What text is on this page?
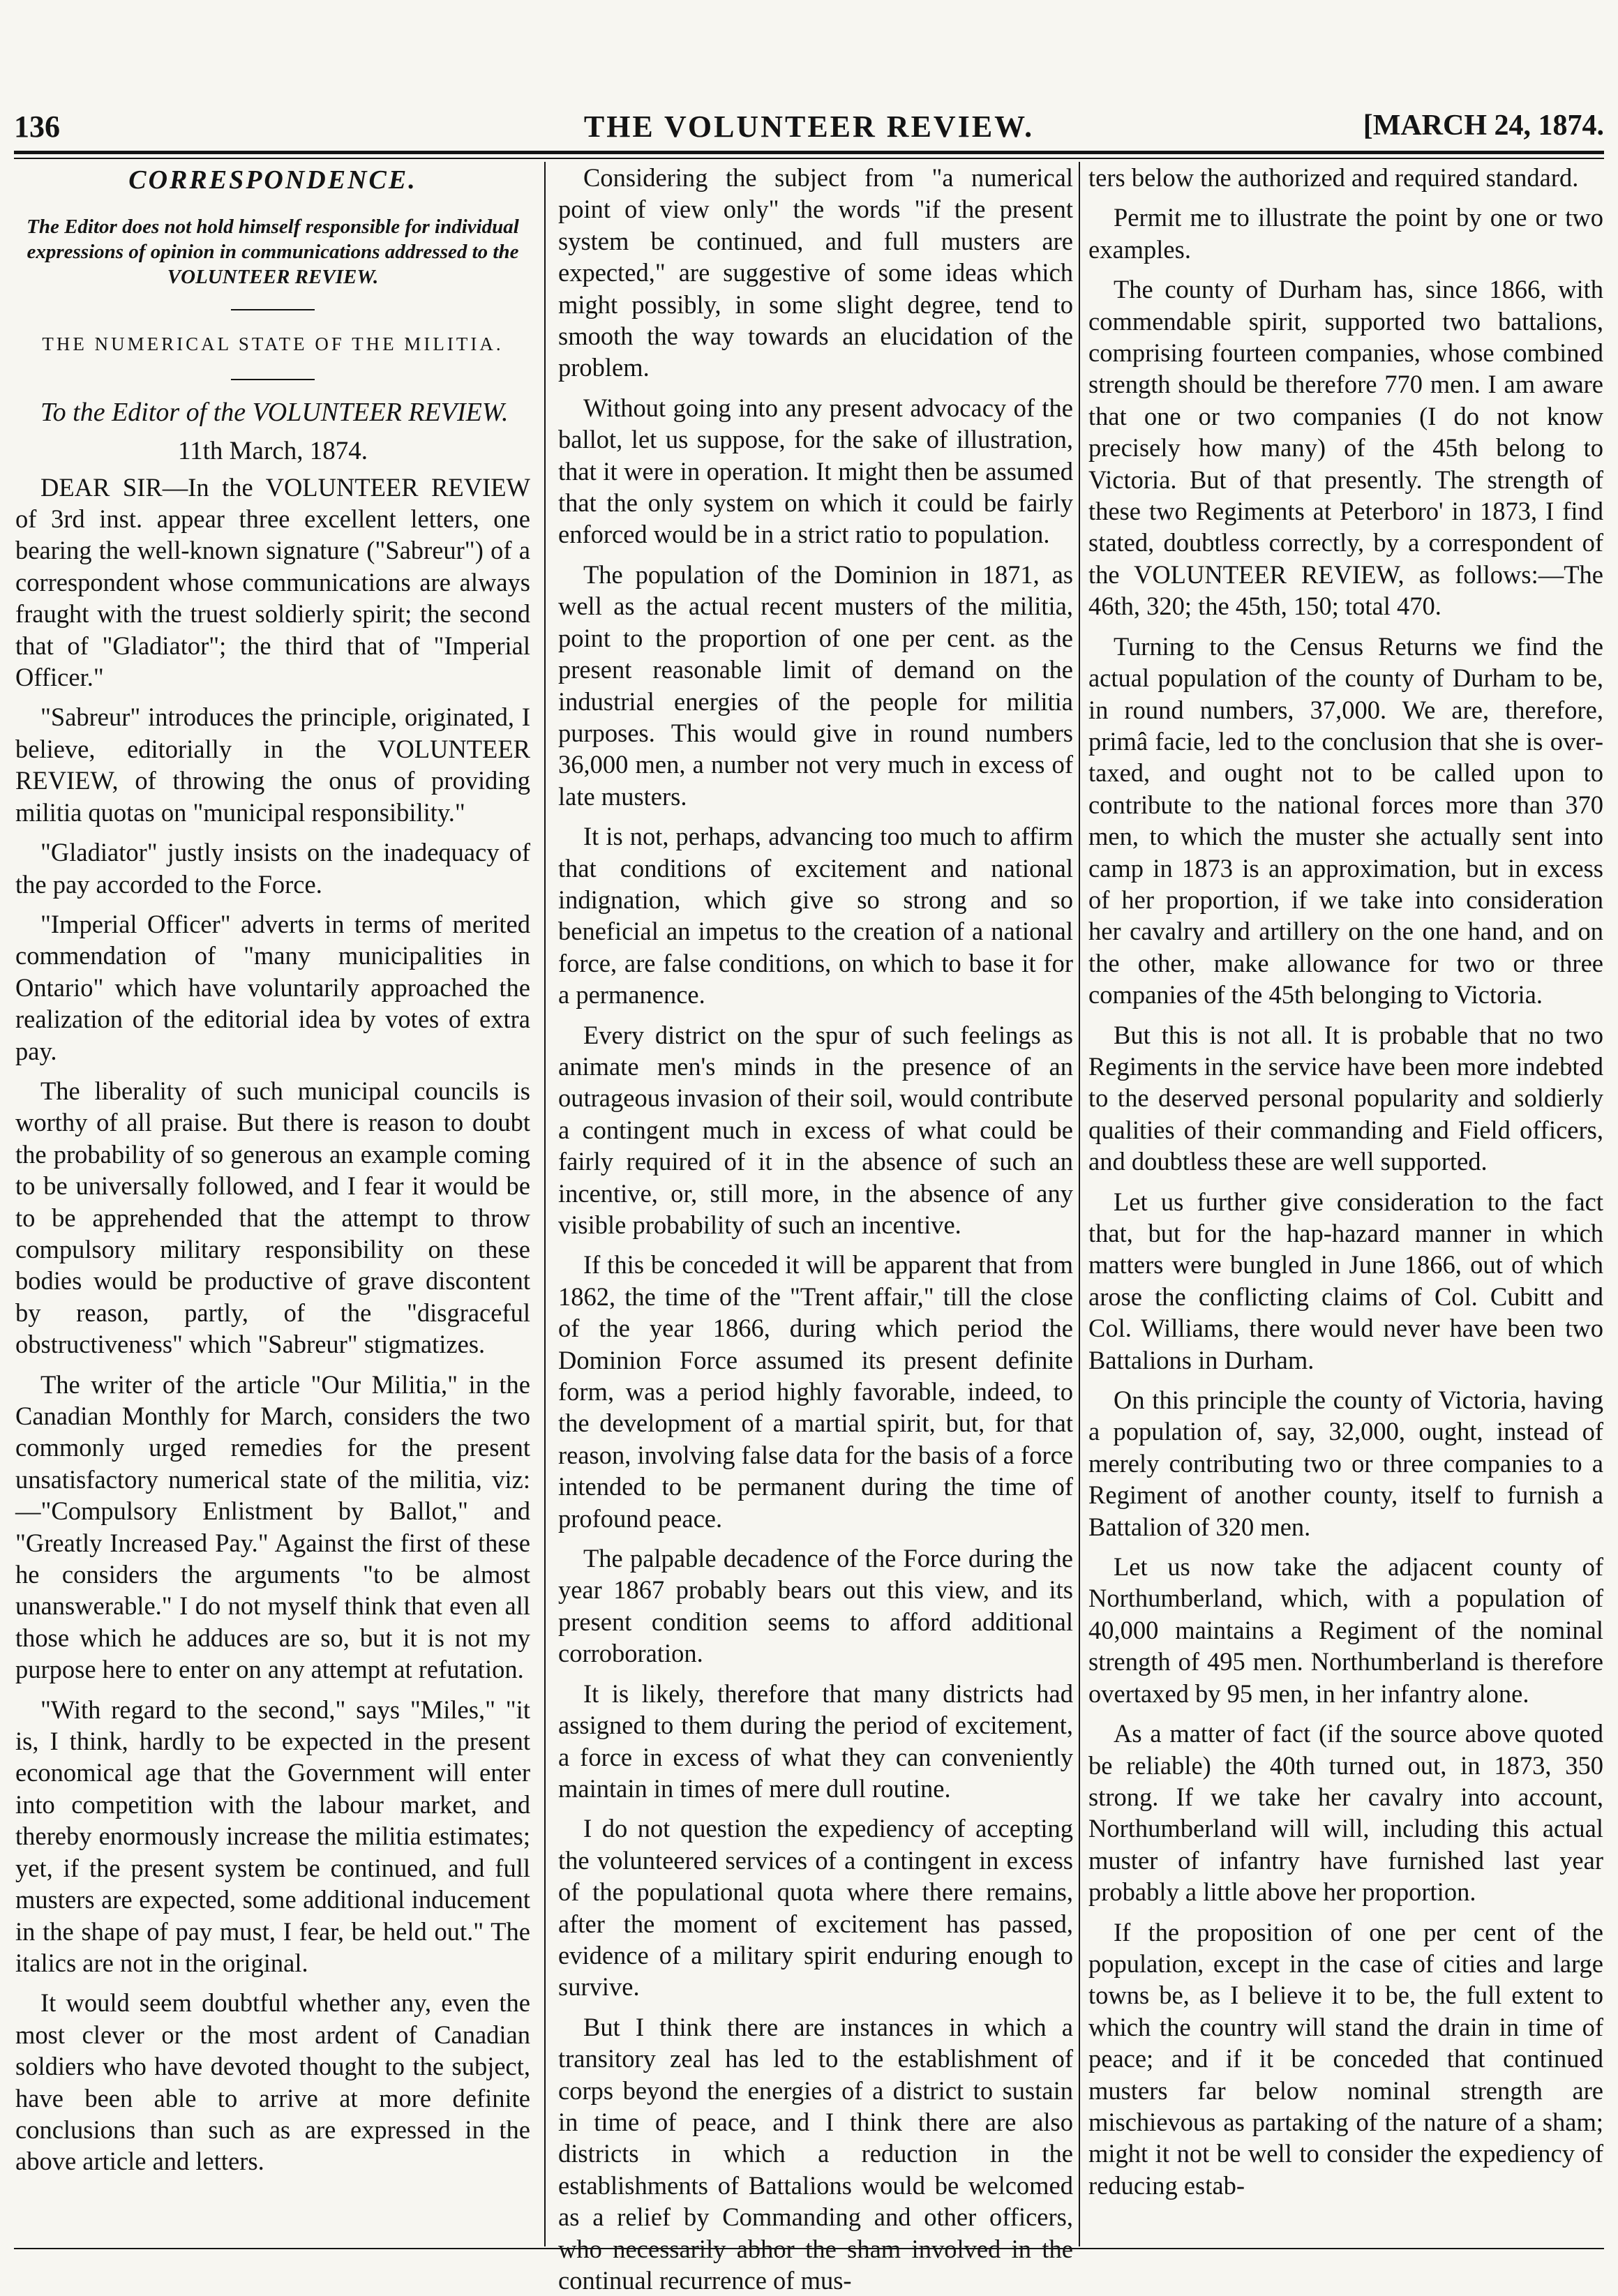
136	THE VOLUNTEER REVIEW.	[MARCH 24, 1874.
CORRESPONDENCE.
The Editor does not hold himself responsible for individual expressions of opinion in communications addressed to the VOLUNTEER REVIEW.
THE NUMERICAL STATE OF THE MILITIA.
To the Editor of the VOLUNTEER REVIEW.
11th March, 1874.

DEAR SIR—In the VOLUNTEER REVIEW of 3rd inst. appear three excellent letters, one bearing the well-known signature ("Sabreur") of a correspondent whose communications are always fraught with the truest soldierly spirit; the second that of "Gladiator"; the third that of "Imperial Officer."

"Sabreur" introduces the principle, originated, I believe, editorially in the VOLUNTEER REVIEW, of throwing the onus of providing militia quotas on "municipal responsibility."

"Gladiator" justly insists on the inadequacy of the pay accorded to the Force.

"Imperial Officer" adverts in terms of merited commendation of "many municipalities in Ontario" which have voluntarily approached the realization of the editorial idea by votes of extra pay.

The liberality of such municipal councils is worthy of all praise. But there is reason to doubt the probability of so generous an example coming to be universally followed, and I fear it would be to be apprehended that the attempt to throw compulsory military responsibility on these bodies would be productive of grave discontent by reason, partly, of the "disgraceful obstructiveness" which "Sabreur" stigmatizes.

The writer of the article "Our Militia," in the Canadian Monthly for March, considers the two commonly urged remedies for the present unsatisfactory numerical state of the militia, viz:—"Compulsory Enlistment by Ballot," and "Greatly Increased Pay." Against the first of these he considers the arguments "to be almost unanswerable." I do not myself think that even all those which he adduces are so, but it is not my purpose here to enter on any attempt at refutation.

"With regard to the second," says "Miles," "it is, I think, hardly to be expected in the present economical age that the Government will enter into competition with the labour market, and thereby enormously increase the militia estimates; yet, if the present system be continued, and full musters are expected, some additional inducement in the shape of pay must, I fear, be held out." The italics are not in the original.

It would seem doubtful whether any, even the most clever or the most ardent of Canadian soldiers who have devoted thought to the subject, have been able to arrive at more definite conclusions than such as are expressed in the above article and letters.

Considering the subject from "a numerical point of view only" the words "if the present system be continued, and full musters are expected," are suggestive of some ideas which might possibly, in some slight degree, tend to smooth the way towards an elucidation of the problem.

Without going into any present advocacy of the ballot, let us suppose, for the sake of illustration, that it were in operation. It might then be assumed that the only system on which it could be fairly enforced would be in a strict ratio to population.

The population of the Dominion in 1871, as well as the actual recent musters of the militia, point to the proportion of one per cent. as the present reasonable limit of demand on the industrial energies of the people for militia purposes. This would give in round numbers 36,000 men, a number not very much in excess of late musters.

It is not, perhaps, advancing too much to affirm that conditions of excitement and national indignation, which give so strong and so beneficial an impetus to the creation of a national force, are false conditions, on which to base it for a permanence.

Every district on the spur of such feelings as animate men's minds in the presence of an outrageous invasion of their soil, would contribute a contingent much in excess of what could be fairly required of it in the absence of such an incentive, or, still more, in the absence of any visible probability of such an incentive.

If this be conceded it will be apparent that from 1862, the time of the "Trent affair," till the close of the year 1866, during which period the Dominion Force assumed its present definite form, was a period highly favorable, indeed, to the development of a martial spirit, but, for that reason, involving false data for the basis of a force intended to be permanent during the time of profound peace.

The palpable decadence of the Force during the year 1867 probably bears out this view, and its present condition seems to afford additional corroboration.

It is likely, therefore that many districts had assigned to them during the period of excitement, a force in excess of what they can conveniently maintain in times of mere dull routine.

I do not question the expediency of accepting the volunteered services of a contingent in excess of the populational quota where there remains, after the moment of excitement has passed, evidence of a military spirit enduring enough to survive.

But I think there are instances in which a transitory zeal has led to the establishment of corps beyond the energies of a district to sustain in time of peace, and I think there are also districts in which a reduction in the establishments of Battalions would be welcomed as a relief by Commanding and other officers, who necessarily abhor the sham involved in the continual recurrence of mus-

ters below the authorized and required standard.

Permit me to illustrate the point by one or two examples.

The county of Durham has, since 1866, with commendable spirit, supported two battalions, comprising fourteen companies, whose combined strength should be therefore 770 men. I am aware that one or two companies (I do not know precisely how many) of the 45th belong to Victoria. But of that presently. The strength of these two Regiments at Peterboro' in 1873, I find stated, doubtless correctly, by a correspondent of the VOLUNTEER REVIEW, as follows:—The 46th, 320; the 45th, 150; total 470.

Turning to the Census Returns we find the actual population of the county of Durham to be, in round numbers, 37,000. We are, therefore, primâ facie, led to the conclusion that she is over-taxed, and ought not to be called upon to contribute to the national forces more than 370 men, to which the muster she actually sent into camp in 1873 is an approximation, but in excess of her proportion, if we take into consideration her cavalry and artillery on the one hand, and on the other, make allowance for two or three companies of the 45th belonging to Victoria.

But this is not all. It is probable that no two Regiments in the service have been more indebted to the deserved personal popularity and soldierly qualities of their commanding and Field officers, and doubtless these are well supported.

Let us further give consideration to the fact that, but for the hap-hazard manner in which matters were bungled in June 1866, out of which arose the conflicting claims of Col. Cubitt and Col. Williams, there would never have been two Battalions in Durham.

On this principle the county of Victoria, having a population of, say, 32,000, ought, instead of merely contributing two or three companies to a Regiment of another county, itself to furnish a Battalion of 320 men.

Let us now take the adjacent county of Northumberland, which, with a population of 40,000 maintains a Regiment of the nominal strength of 495 men. Northumberland is therefore overtaxed by 95 men, in her infantry alone.

As a matter of fact (if the source above quoted be reliable) the 40th turned out, in 1873, 350 strong. If we take her cavalry into account, Northumberland will will, including this actual muster of infantry have furnished last year probably a little above her proportion.

If the proposition of one per cent of the population, except in the case of cities and large towns be, as I believe it to be, the full extent to which the country will stand the drain in time of peace; and if it be conceded that continued musters far below nominal strength are mischievous as partaking of the nature of a sham; might it not be well to consider the expediency of reducing estab-
